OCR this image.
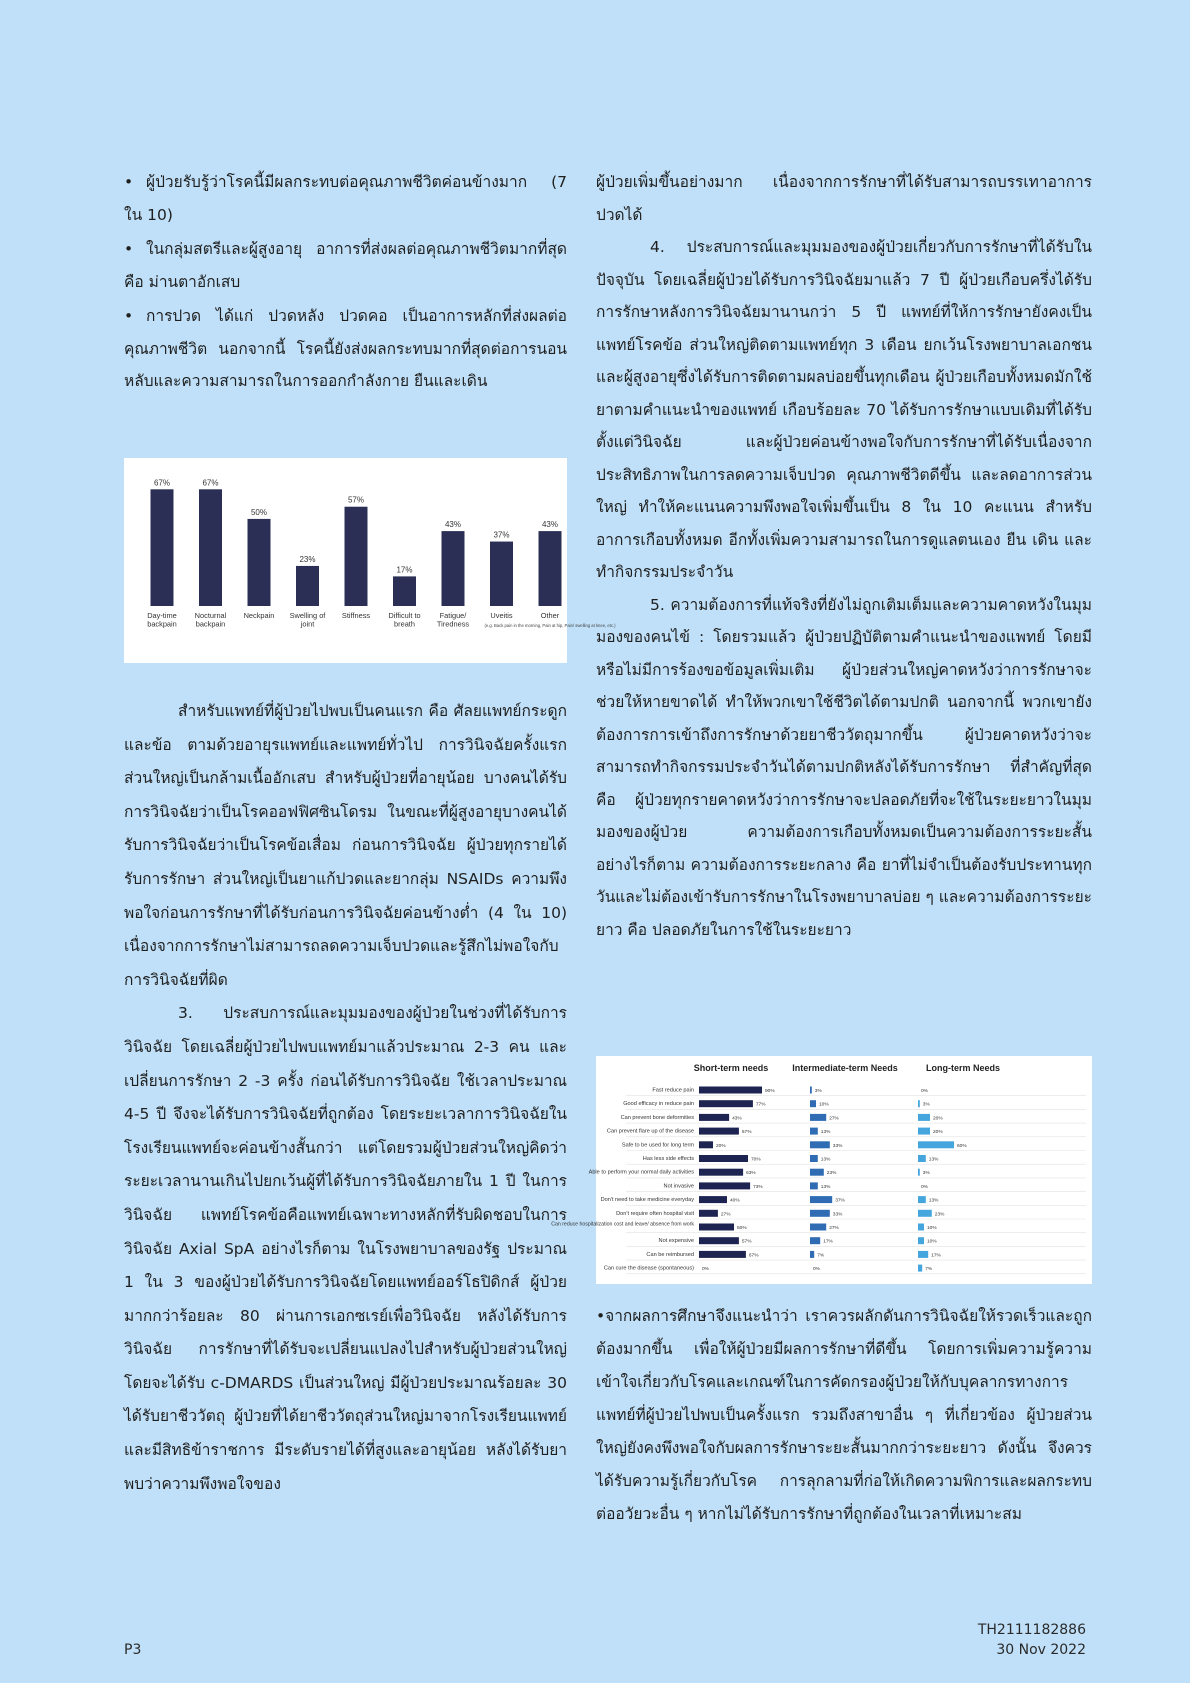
• ผู้ป่วยรับรู้ว่าโรคนี้มีผลกระทบต่อคุณภาพชีวิตค่อนข้างมาก (7 ใน 10)
• ในกลุ่มสตรีและผู้สูงอายุ อาการที่ส่งผลต่อคุณภาพชีวิตมากที่สุด คือ ม่านตาอักเสบ
• การปวด ได้แก่ ปวดหลัง ปวดคอ เป็นอาการหลักที่ส่งผลต่อคุณภาพชีวิต นอกจากนี้ โรคนี้ยังส่งผลกระทบมากที่สุดต่อการนอนหลับและความสามารถในการออกกำลังกาย ยืนและเดิน
67%
Day-time
backpain
67%
Nocturnal
backpain
50%
Neckpain
23%
Swelling of
joint
57%
Stiffness
17%
Difficult to
breath
43%
Fatigue/
Tiredness
37%
Uveitis
43%
Other
(e.g. Back pain in the morning, Pain at hip, Pain/ swelling at knee, etc.)

สำหรับแพทย์ที่ผู้ป่วยไปพบเป็นคนแรก คือ ศัลยแพทย์กระดูกและข้อ ตามด้วยอายุรแพทย์และแพทย์ทั่วไป การวินิจฉัยครั้งแรกส่วนใหญ่เป็นกล้ามเนื้ออักเสบ สำหรับผู้ป่วยที่อายุน้อย บางคนได้รับการวินิจฉัยว่าเป็นโรคออฟฟิศซินโดรม ในขณะที่ผู้สูงอายุบางคนได้รับการวินิจฉัยว่าเป็นโรคข้อเสื่อม ก่อนการวินิจฉัย ผู้ป่วยทุกรายได้รับการรักษา ส่วนใหญ่เป็นยาแก้ปวดและยากลุ่ม NSAIDs ความพึงพอใจก่อนการรักษาที่ได้รับก่อนการวินิจฉัยค่อนข้างต่ำ (4 ใน 10) เนื่องจากการรักษาไม่สามารถลดความเจ็บปวดและรู้สึกไม่พอใจกับการวินิจฉัยที่ผิด

3. ประสบการณ์และมุมมองของผู้ป่วยในช่วงที่ได้รับการวินิจฉัย โดยเฉลี่ยผู้ป่วยไปพบแพทย์มาแล้วประมาณ 2-3 คน และเปลี่ยนการรักษา 2 -3 ครั้ง ก่อนได้รับการวินิจฉัย ใช้เวลาประมาณ 4-5 ปี จึงจะได้รับการวินิจฉัยที่ถูกต้อง โดยระยะเวลาการวินิจฉัยในโรงเรียนแพทย์จะค่อนข้างสั้นกว่า แต่โดยรวมผู้ป่วยส่วนใหญ่คิดว่าระยะเวลานานเกินไปยกเว้นผู้ที่ได้รับการวินิจฉัยภายใน 1 ปี ในการวินิจฉัย แพทย์โรคข้อคือแพทย์เฉพาะทางหลักที่รับผิดชอบในการวินิจฉัย Axial SpA อย่างไรก็ตาม ในโรงพยาบาลของรัฐ ประมาณ 1 ใน 3 ของผู้ป่วยได้รับการวินิจฉัยโดยแพทย์ออร์โธปิดิกส์ ผู้ป่วยมากกว่าร้อยละ 80 ผ่านการเอกซเรย์เพื่อวินิจฉัย หลังได้รับการวินิจฉัย การรักษาที่ได้รับจะเปลี่ยนแปลงไปสำหรับผู้ป่วยส่วนใหญ่ โดยจะได้รับ c-DMARDS เป็นส่วนใหญ่ มีผู้ป่วยประมาณร้อยละ 30 ได้รับยาชีววัตถุ ผู้ป่วยที่ได้ยาชีววัตถุส่วนใหญ่มาจากโรงเรียนแพทย์และมีสิทธิข้าราชการ มีระดับรายได้ที่สูงและอายุน้อย หลังได้รับยาพบว่าความพึงพอใจของ

ผู้ป่วยเพิ่มขึ้นอย่างมาก เนื่องจากการรักษาที่ได้รับสามารถบรรเทาอาการปวดได้

4. ประสบการณ์และมุมมองของผู้ป่วยเกี่ยวกับการรักษาที่ได้รับในปัจจุบัน โดยเฉลี่ยผู้ป่วยได้รับการวินิจฉัยมาแล้ว 7 ปี ผู้ป่วยเกือบครึ่งได้รับการรักษาหลังการวินิจฉัยมานานกว่า 5 ปี แพทย์ที่ให้การรักษายังคงเป็นแพทย์โรคข้อ ส่วนใหญ่ติดตามแพทย์ทุก 3 เดือน ยกเว้นโรงพยาบาลเอกชนและผู้สูงอายุซึ่งได้รับการติดตามผลบ่อยขึ้นทุกเดือน ผู้ป่วยเกือบทั้งหมดมักใช้ยาตามคำแนะนำของแพทย์ เกือบร้อยละ 70 ได้รับการรักษาแบบเดิมที่ได้รับตั้งแต่วินิจฉัย และผู้ป่วยค่อนข้างพอใจกับการรักษาที่ได้รับเนื่องจากประสิทธิภาพในการลดความเจ็บปวด คุณภาพชีวิตดีขึ้น และลดอาการส่วนใหญ่ ทำให้คะแนนความพึงพอใจเพิ่มขึ้นเป็น 8 ใน 10 คะแนน สำหรับอาการเกือบทั้งหมด อีกทั้งเพิ่มความสามารถในการดูแลตนเอง ยืน เดิน และทำกิจกรรมประจำวัน

5. ความต้องการที่แท้จริงที่ยังไม่ถูกเติมเต็มและความคาดหวังในมุมมองของคนไข้ : โดยรวมแล้ว ผู้ป่วยปฏิบัติตามคำแนะนำของแพทย์ โดยมีหรือไม่มีการร้องขอข้อมูลเพิ่มเติม ผู้ป่วยส่วนใหญ่คาดหวังว่าการรักษาจะช่วยให้หายขาดได้ ทำให้พวกเขาใช้ชีวิตได้ตามปกติ นอกจากนี้ พวกเขายังต้องการการเข้าถึงการรักษาด้วยยาชีววัตถุมากขึ้น ผู้ป่วยคาดหวังว่าจะสามารถทำกิจกรรมประจำวันได้ตามปกติหลังได้รับการรักษา ที่สำคัญที่สุด คือ ผู้ป่วยทุกรายคาดหวังว่าการรักษาจะปลอดภัยที่จะใช้ในระยะยาวในมุมมองของผู้ป่วย ความต้องการเกือบทั้งหมดเป็นความต้องการระยะสั้น อย่างไรก็ตาม ความต้องการระยะกลาง คือ ยาที่ไม่จำเป็นต้องรับประทานทุกวันและไม่ต้องเข้ารับการรักษาในโรงพยาบาลบ่อย ๆ และความต้องการระยะยาว คือ ปลอดภัยในการใช้ในระยะยาว

Short-term needs	Intermediate-term Needs	Long-term Needs
Fast reduce pain	90%	3%	0%
Good efficacy in reduce pain	77%	10%	3%
Can prevent bone deformities	43%	27%	20%
Can prevent flare up of the disease	57%	13%	20%
Safe to be used for long term	20%	33%	60%
Has less side effects	70%	13%	13%
Able to perform your normal daily activities	63%	23%	3%
Not invasive	73%	13%	0%
Don't need to take medicine everyday	40%	37%	13%
Don't require often hospital visit	27%	33%	23%
Can reduce hospitalization cost and leave/ absence from work
50%	27%	10%
Not expensive	57%	17%	10%
Can be reimbursed	67%	7%	17%
Can cure the disease (spontaneous) 0%	0%	7%

•จากผลการศึกษาจึงแนะนำว่า เราควรผลักดันการวินิจฉัยให้รวดเร็วและถูกต้องมากขึ้น เพื่อให้ผู้ป่วยมีผลการรักษาที่ดีขึ้น โดยการเพิ่มความรู้ความเข้าใจเกี่ยวกับโรคและเกณฑ์ในการคัดกรองผู้ป่วยให้กับบุคลากรทางการแพทย์ที่ผู้ป่วยไปพบเป็นครั้งแรก รวมถึงสาขาอื่น ๆ ที่เกี่ยวข้อง ผู้ป่วยส่วนใหญ่ยังคงพึงพอใจกับผลการรักษาระยะสั้นมากกว่าระยะยาว ดังนั้น จึงควรได้รับความรู้เกี่ยวกับโรค การลุกลามที่ก่อให้เกิดความพิการและผลกระทบต่ออวัยวะอื่น ๆ หากไม่ได้รับการรักษาที่ถูกต้องในเวลาที่เหมาะสม

P3
TH2111182886
30 Nov 2022
